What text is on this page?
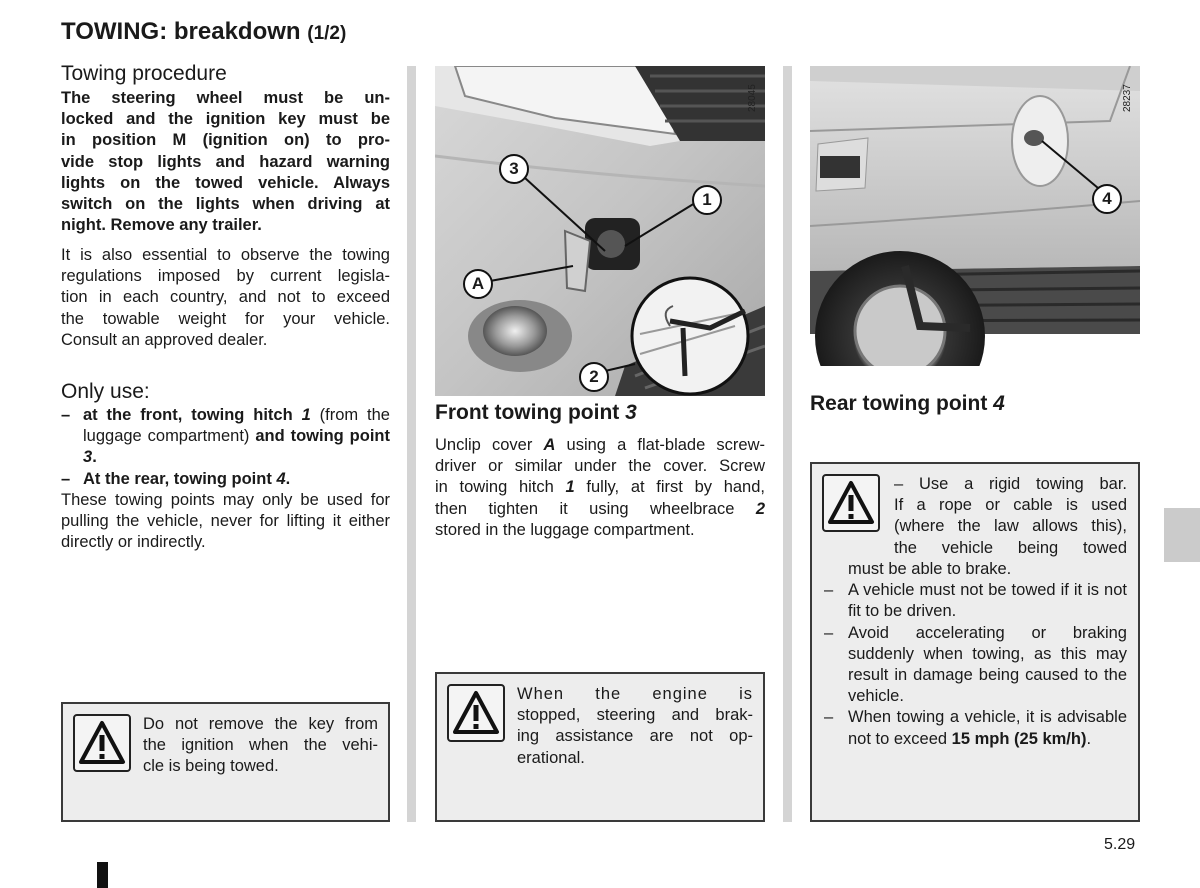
TOWING: breakdown (1/2)
Towing procedure
The steering wheel must be un-
locked and the ignition key must be
in position M (ignition on) to pro-
vide stop lights and hazard warning
lights on the towed vehicle. Always
switch on the lights when driving at
night. Remove any trailer.
It is also essential to observe the towing
regulations imposed by current legisla-
tion in each country, and not to exceed
the towable weight for your vehicle.
Consult an approved dealer.
Only use:
– at the front, towing hitch 1 (from the luggage compartment) and towing point 3.
– At the rear, towing point 4.
These towing points may only be used for pulling the vehicle, never for lifting it either directly or indirectly.
Do not remove the key from
the ignition when the vehi-
cle is being towed.
3
1
A
2
28045
Front towing point 3
Unclip cover A using a flat-blade screw-
driver or similar under the cover. Screw
in towing hitch 1 fully, at first by hand,
then tighten it using wheelbrace 2
stored in the luggage compartment.
When the engine is
stopped, steering and brak-
ing assistance are not op-
erational.
4
28237
Rear towing point 4
– Use a rigid towing bar.
If a rope or cable is used
(where the law allows this),
the vehicle being towed
must be able to brake.
– A vehicle must not be towed if it is not fit to be driven.
– Avoid accelerating or braking suddenly when towing, as this may result in damage being caused to the vehicle.
– When towing a vehicle, it is advisable not to exceed 15 mph (25 km/h).
5.29
